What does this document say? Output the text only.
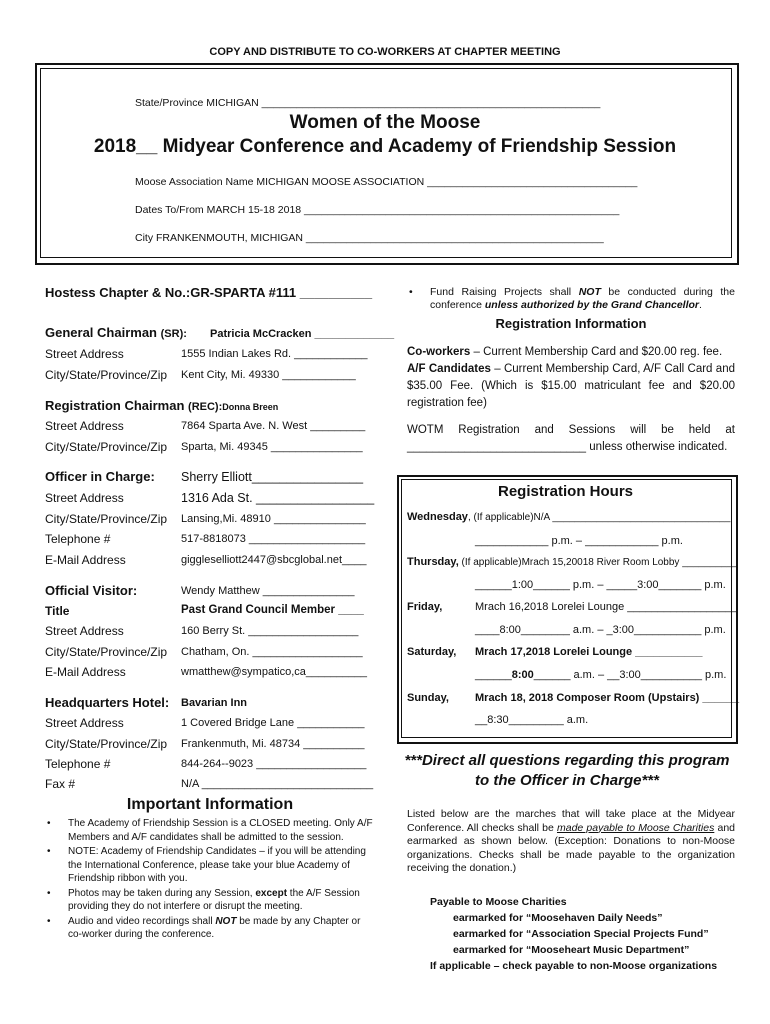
COPY AND DISTRIBUTE TO CO-WORKERS AT CHAPTER MEETING
State/Province MICHIGAN __________________________________________________________
Women of the Moose
2018__ Midyear Conference and Academy of Friendship Session
Moose Association Name MICHIGAN MOOSE ASSOCIATION ____________________________________
Dates To/From MARCH 15-18 2018 ______________________________________________________
City FRANKENMOUTH, MICHIGAN ___________________________________________________
Hostess Chapter & No.:GR-SPARTA #111 __________
General Chairman (SR): Patricia McCracken _____________
Street Address	1555 Indian Lakes Rd. ____________
City/State/Province/Zip Kent City, Mi. 49330 ____________
Registration Chairman (REC):Donna Breen
Street Address	7864 Sparta Ave. N. West _________
City/State/Province/Zip Sparta, Mi. 49345 _______________
Officer in Charge: Sherry Elliott________________
Street Address	1316 Ada St. _________________
City/State/Province/Zip Lansing,Mi. 48910 _______________
Telephone #	517-8818073 ___________________
E-Mail Address	giggleselliott2447@sbcglobal.net____
Official Visitor:	Wendy Matthew _______________
Title	Past Grand Council Member ____
Street Address	160 Berry St. __________________
City/State/Province/Zip Chatham, On. __________________
E-Mail Address	wmatthew@sympatico,ca__________
Headquarters Hotel: Bavarian Inn
Street Address	1 Covered Bridge Lane ___________
City/State/Province/Zip Frankenmuth, Mi. 48734 __________
Telephone #	844-264--9023 __________________
Fax #	N/A ____________________________
Important Information
• The Academy of Friendship Session is a CLOSED meeting. Only A/F Members and A/F candidates shall be admitted to the session.
• NOTE: Academy of Friendship Candidates – if you will be attending the International Conference, please take your blue Academy of Friendship ribbon with you.
• Photos may be taken during any Session, except the A/F Session providing they do not interfere or disrupt the meeting.
• Audio and video recordings shall NOT be made by any Chapter or co-worker during the conference.
• Fund Raising Projects shall NOT be conducted during the conference unless authorized by the Grand Chancellor.
Registration Information
Co-workers – Current Membership Card and $20.00 reg. fee.
A/F Candidates – Current Membership Card, A/F Call Card and $35.00 Fee. (Which is $15.00 matriculant fee and $20.00 registration fee)
WOTM Registration and Sessions will be held at ____________________________ unless otherwise indicated.
Registration Hours
Wednesday, (If applicable)N/A ________________________________
____________ p.m. – ____________ p.m.
Thursday, (If applicable)Mrach 15,20018 River Room Lobby __________
______1:00______ p.m. – _____3:00_______ p.m.
Friday,	Mrach 16,2018 Lorelei Lounge __________________
____8:00________ a.m. – _3:00___________ p.m.
Saturday, Mrach 17,2018 Lorelei Lounge ___________
______8:00______ a.m. – __3:00__________ p.m.
Sunday, Mrach 18, 2018 Composer Room (Upstairs) ______
__8:30_________ a.m.
***Direct all questions regarding this program
to the Officer in Charge***
Listed below are the marches that will take place at the Midyear Conference. All checks shall be made payable to Moose Charities and earmarked as shown below. (Exception: Donations to non-Moose organizations. Checks shall be made payable to the organization receiving the donation.)
Payable to Moose Charities
earmarked for “Moosehaven Daily Needs”
earmarked for “Association Special Projects Fund”
earmarked for “Mooseheart Music Department”
If applicable – check payable to non-Moose organizations
